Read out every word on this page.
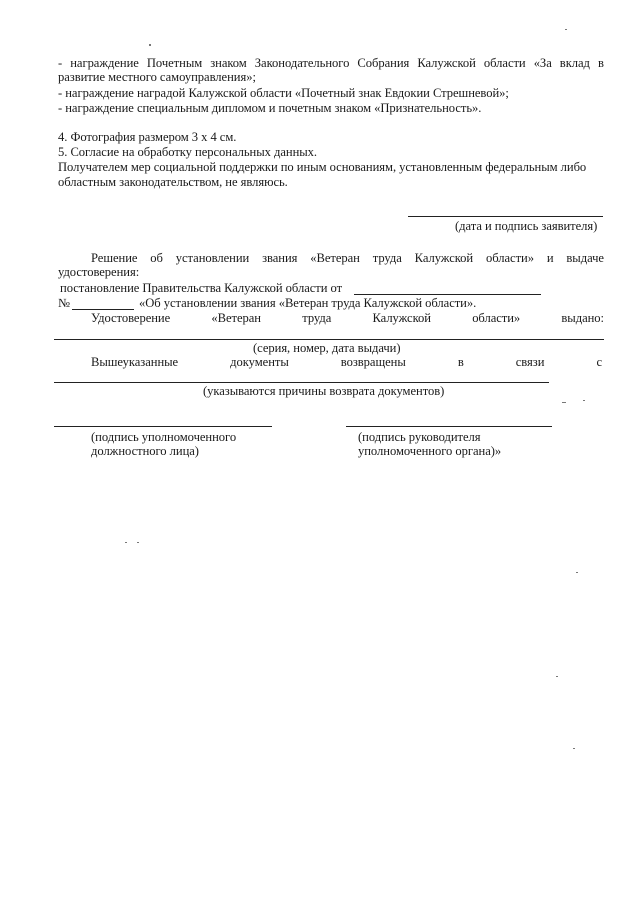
- награждение Почетным знаком Законодательного Собрания Калужской области «За вклад в
развитие местного самоуправления»;
- награждение наградой Калужской области «Почетный знак Евдокии Стрешневой»;
- награждение специальным дипломом и почетным знаком «Признательность».
4. Фотография размером 3 х 4 см.
5. Согласие на обработку персональных данных.
Получателем мер социальной поддержки по иным основаниям, установленным федеральным либо
областным законодательством, не являюсь.
(дата и подпись заявителя)
Решение об установлении звания «Ветеран труда Калужской области» и выдаче
удостоверения:
постановление Правительства Калужской области от
№	«Об установлении звания «Ветеран труда Калужской области».
Удостоверение	«Ветеран	труда	Калужской	области»	выдано:
(серия, номер, дата выдачи)
Вышеуказанные	документы	возвращены	в	связи	с
(указываются причины возврата документов)
(подпись уполномоченного
должностного лица)
(подпись руководителя
уполномоченного органа)»
